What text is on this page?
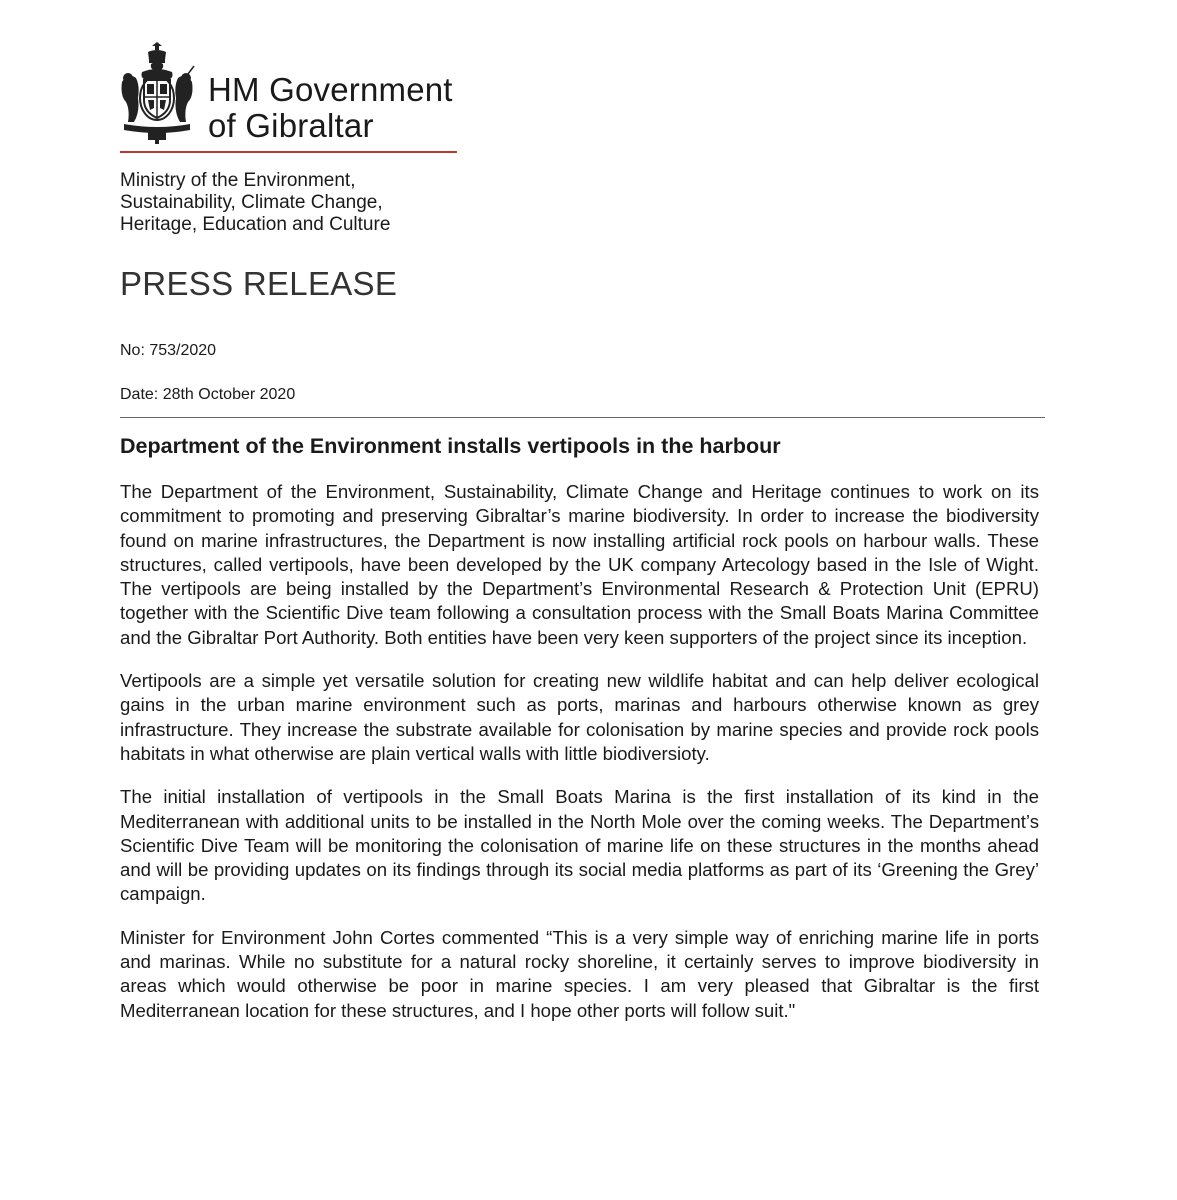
HM Government
of Gibraltar
Ministry of the Environment,
Sustainability, Climate Change,
Heritage, Education and Culture
PRESS RELEASE
No: 753/2020
Date: 28th October 2020
Department of the Environment installs vertipools in the harbour

The Department of the Environment, Sustainability, Climate Change and Heritage continues to work on its commitment to promoting and preserving Gibraltar’s marine biodiversity. In order to increase the biodiversity found on marine infrastructures, the Department is now installing artificial rock pools on harbour walls. These structures, called vertipools, have been developed by the UK company Artecology based in the Isle of Wight. The vertipools are being installed by the Department’s Environmental Research & Protection Unit (EPRU) together with the Scientific Dive team following a consultation process with the Small Boats Marina Committee and the Gibraltar Port Authority. Both entities have been very keen supporters of the project since its inception.

Vertipools are a simple yet versatile solution for creating new wildlife habitat and can help deliver ecological gains in the urban marine environment such as ports, marinas and harbours otherwise known as grey infrastructure. They increase the substrate available for colonisation by marine species and provide rock pools habitats in what otherwise are plain vertical walls with little biodiversioty.

The initial installation of vertipools in the Small Boats Marina is the first installation of its kind in the Mediterranean with additional units to be installed in the North Mole over the coming weeks. The Department’s Scientific Dive Team will be monitoring the colonisation of marine life on these structures in the months ahead and will be providing updates on its findings through its social media platforms as part of its ‘Greening the Grey’ campaign.

Minister for Environment John Cortes commented “This is a very simple way of enriching marine life in ports and marinas. While no substitute for a natural rocky shoreline, it certainly serves to improve biodiversity in areas which would otherwise be poor in marine species. I am very pleased that Gibraltar is the first Mediterranean location for these structures, and I hope other ports will follow suit."
